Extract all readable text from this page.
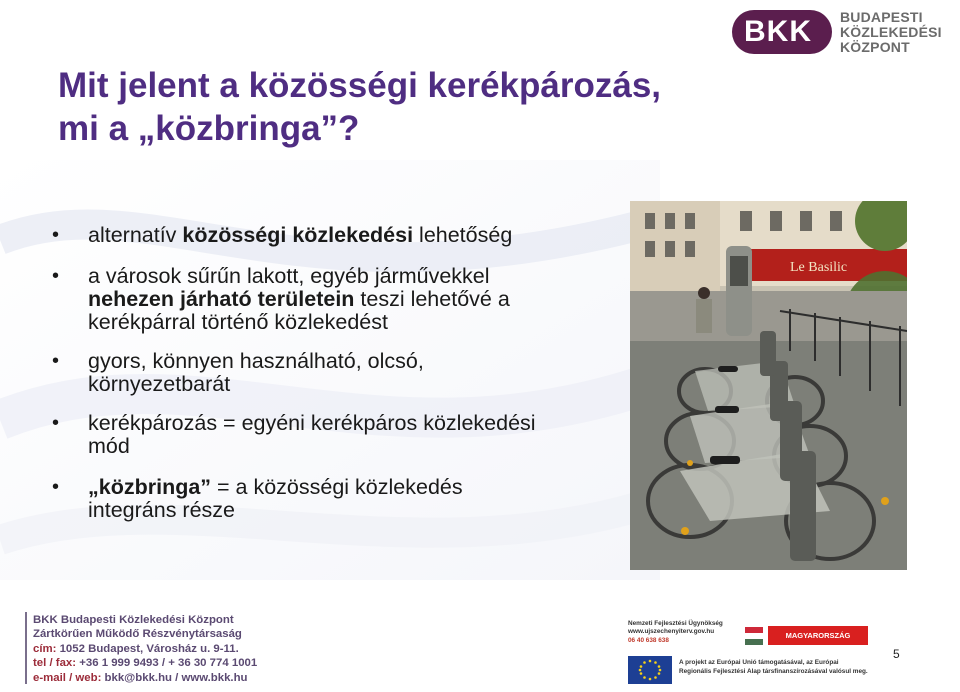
BKK BUDAPESTI
KÖZLEKEDÉSI
KÖZPONT
Mit jelent a közösségi kerékpározás,
mi a „közbringa”?
• alternatív közösségi közlekedési lehetőség
• a városok sűrűn lakott, egyéb járművekkel
nehezen járható területein teszi lehetővé a
kerékpárral történő közlekedést
• gyors, könnyen használható, olcsó,
környezetbarát
• kerékpározás = egyéni kerékpáros közlekedési
mód
• „közbringa” = a közösségi közlekedés
integráns része
Le Basilic
BKK Budapesti Közlekedési Központ
Zártkörűen Működő Részvénytársaság
cím: 1052 Budapest, Városház u. 9-11.
tel / fax: +36 1 999 9493 / + 36 30 774 1001
e-mail / web: bkk@bkk.hu / www.bkk.hu
Nemzeti Fejlesztési Ügynökség
www.ujszechenyiterv.gov.hu
06 40 638 638
MAGYARORSZÁG MEGÚJUL
A projekt az Európai Unió támogatásával, az Európai
Regionális Fejlesztési Alap társfinanszírozásával valósul meg.
5
